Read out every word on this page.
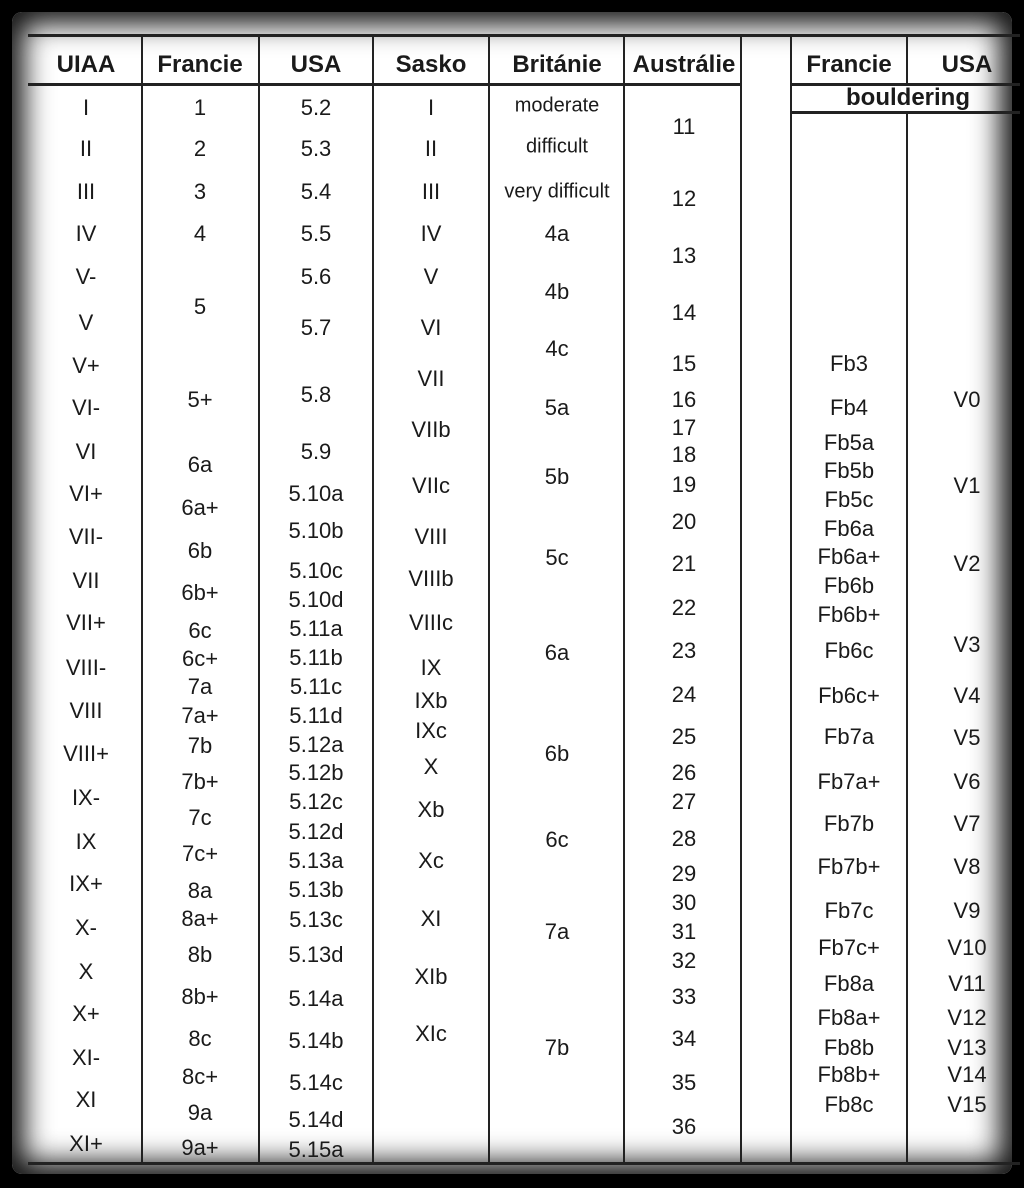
UIAA Francie USA Sasko Británie Austrálie	Francie USA
bouldering
I
II
III
IV
V-
V
V+
VI-
VI
VI+
VII-
VII
VII+
VIII-
VIII
VIII+
IX-
IX
IX+
X-
X
X+
XI-
XI
XI+
1
2
3
4
5
5+
6a
6a+
6b
6b+
6c
6c+
7a
7a+
7b
7b+
7c
7c+
8a
8a+
8b
8b+
8c
8c+
9a
9a+
5.2
5.3
5.4
5.5
5.6
5.7
5.8
5.9
5.10a
5.10b
5.10c
5.10d
5.11a
5.11b
5.11c
5.11d
5.12a
5.12b
5.12c
5.12d
5.13a
5.13b
5.13c
5.13d
5.14a
5.14b
5.14c
5.14d
5.15a
I
II
III
IV
V
VI
VII
VIIb
VIIc
VIII
VIIIb
VIIIc
IX
IXb
IXc
X
Xb
Xc
XI
XIb
XIc
moderate
difficult
very difficult
4a
4b
4c
5a
5b
5c
6a
6b
6c
7a
7b
11
12
13
14
15
16
17
18
19
20
21
22
23
24
25
26
27
28
29
30
31
32
33
34
35
36
Fb3
Fb4
Fb5a
Fb5b
Fb5c
Fb6a
Fb6a+
Fb6b
Fb6b+
Fb6c
Fb6c+
Fb7a
Fb7a+
Fb7b
Fb7b+
Fb7c
Fb7c+
Fb8a
Fb8a+
Fb8b
Fb8b+
Fb8c
V0
V1
V2
V3
V4
V5
V6
V7
V8
V9
V10
V11
V12
V13
V14
V15
